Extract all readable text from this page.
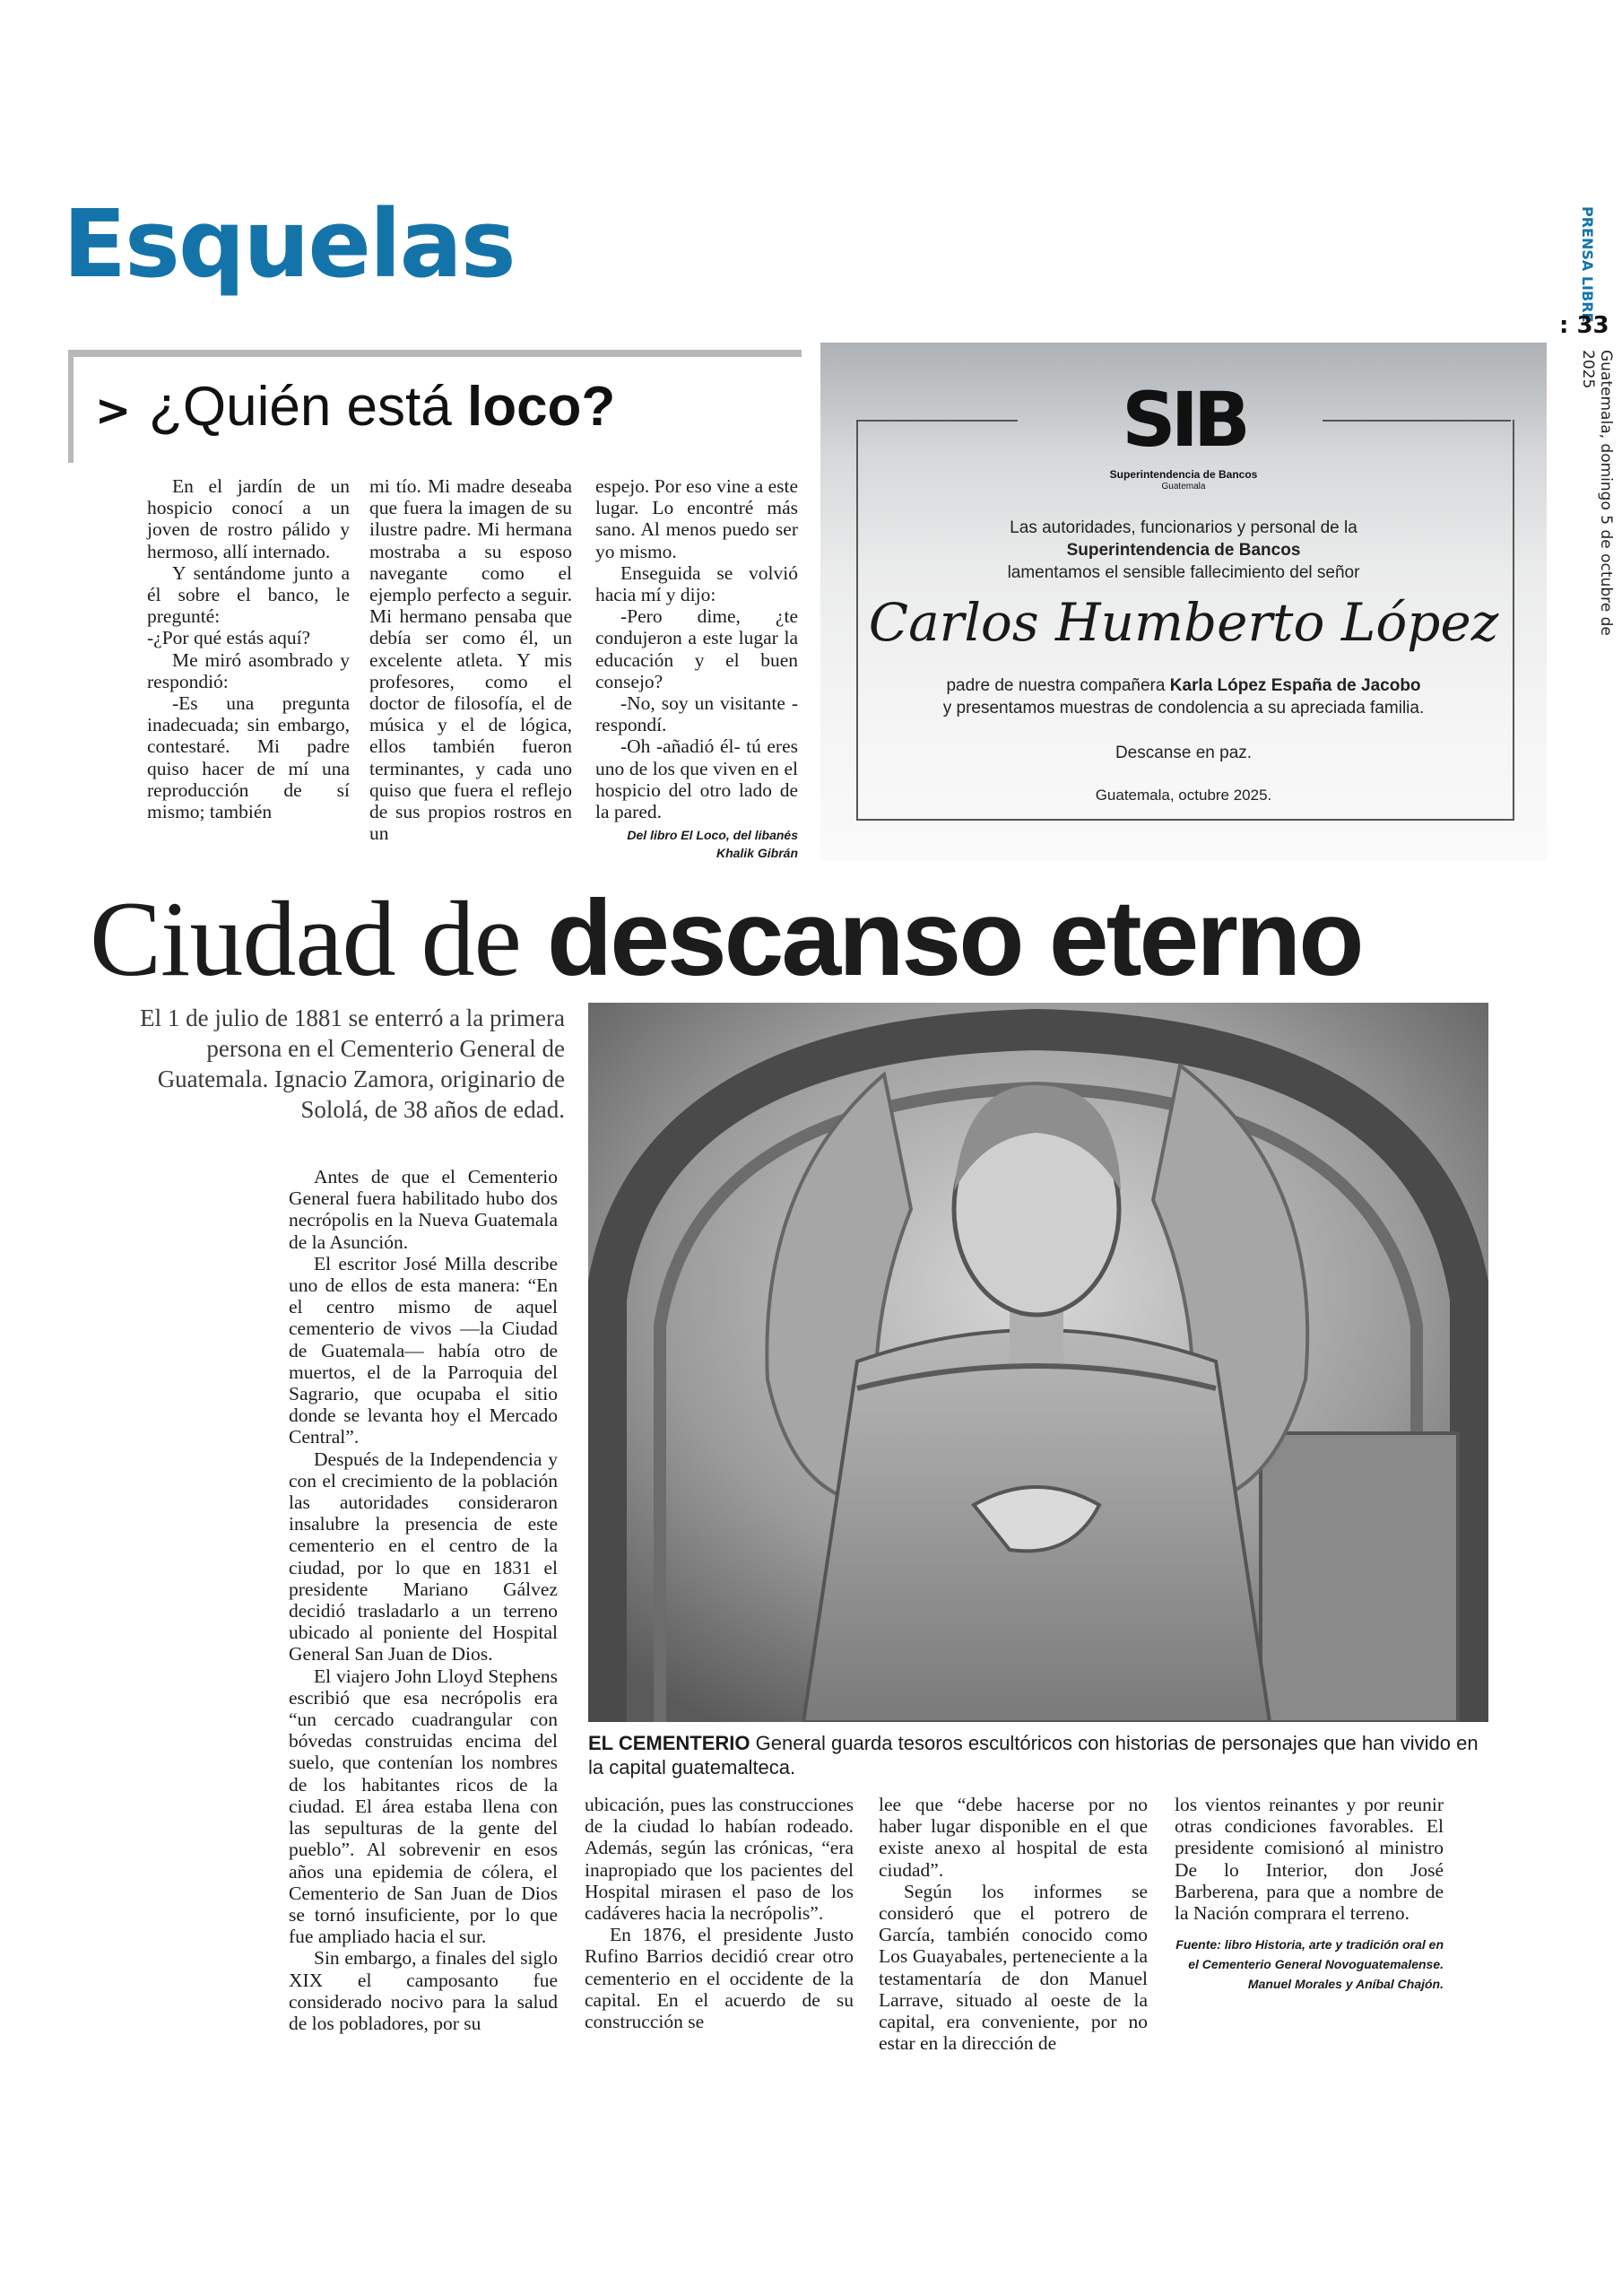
Esquelas	PRENSA LIBRE
: 33
Guatemala, domingo 5 de octubre de 2025
> ¿Quién está loco?

En el jardín de un hospicio conocí a un joven de rostro pálido y hermoso, allí internado.

Y sentándome junto a él sobre el banco, le pregunté:

-¿Por qué estás aquí?

Me miró asombrado y respondió:

-Es una pregunta inadecuada; sin embargo, contestaré. Mi padre quiso hacer de mí una reproducción de sí mismo; también

mi tío. Mi madre deseaba que fuera la imagen de su ilustre padre. Mi hermana mostraba a su esposo navegante como el ejemplo perfecto a seguir. Mi hermano pensaba que debía ser como él, un excelente atleta. Y mis profesores, como el doctor de filosofía, el de música y el de lógica, ellos también fueron terminantes, y cada uno quiso que fuera el reflejo de sus propios rostros en un

espejo. Por eso vine a este lugar. Lo encontré más sano. Al menos puedo ser yo mismo.

Enseguida se volvió hacia mí y dijo:

-Pero dime, ¿te condujeron a este lugar la educación y el buen consejo?

-No, soy un visitante -respondí.

-Oh -añadió él- tú eres uno de los que viven en el hospicio del otro lado de la pared.

Del libro El Loco, del libanés
Khalik Gibrán
SIB
Superintendencia de Bancos
Guatemala
Las autoridades, funcionarios y personal de la
Superintendencia de Bancos
lamentamos el sensible fallecimiento del señor
Carlos Humberto López
padre de nuestra compañera Karla López España de Jacobo
y presentamos muestras de condolencia a su apreciada familia.
Descanse en paz.
Guatemala, octubre 2025.
Ciudad de descanso eterno
El 1 de julio de 1881 se enterró a la primera persona en el Cementerio General de Guatemala. Ignacio Zamora, originario de Sololá, de 38 años de edad.
EL CEMENTERIO General guarda tesoros escultóricos con historias de personajes que han vivido en la capital guatemalteca.

Antes de que el Cementerio General fuera habilitado hubo dos necrópolis en la Nueva Guatemala de la Asunción.

El escritor José Milla describe uno de ellos de esta manera: “En el centro mismo de aquel cementerio de vivos —la Ciudad de Guatemala— había otro de muertos, el de la Parroquia del Sagrario, que ocupaba el sitio donde se levanta hoy el Mercado Central”.

Después de la Independencia y con el crecimiento de la población las autoridades consideraron insalubre la presencia de este cementerio en el centro de la ciudad, por lo que en 1831 el presidente Mariano Gálvez decidió trasladarlo a un terreno ubicado al poniente del Hospital General San Juan de Dios.

El viajero John Lloyd Stephens escribió que esa necrópolis era “un cercado cuadrangular con bóvedas construidas encima del suelo, que contenían los nombres de los habitantes ricos de la ciudad. El área estaba llena con las sepulturas de la gente del pueblo”. Al sobrevenir en esos años una epidemia de cólera, el Cementerio de San Juan de Dios se tornó insuficiente, por lo que fue ampliado hacia el sur.

Sin embargo, a finales del siglo XIX el camposanto fue considerado nocivo para la salud de los pobladores, por su

ubicación, pues las construcciones de la ciudad lo habían rodeado. Además, según las crónicas, “era inapropiado que los pacientes del Hospital mirasen el paso de los cadáveres hacia la necrópolis”.

En 1876, el presidente Justo Rufino Barrios decidió crear otro cementerio en el occidente de la capital. En el acuerdo de su construcción se

lee que “debe hacerse por no haber lugar disponible en el que existe anexo al hospital de esta ciudad”.

Según los informes se consideró que el potrero de García, también conocido como Los Guayabales, perteneciente a la testamentaría de don Manuel Larrave, situado al oeste de la capital, era conveniente, por no estar en la dirección de

los vientos reinantes y por reunir otras condiciones favorables. El presidente comisionó al ministro De lo Interior, don José Barberena, para que a nombre de la Nación comprara el terreno.

Fuente: libro Historia, arte y tradición oral en el Cementerio General Novoguatemalense. Manuel Morales y Aníbal Chajón.
